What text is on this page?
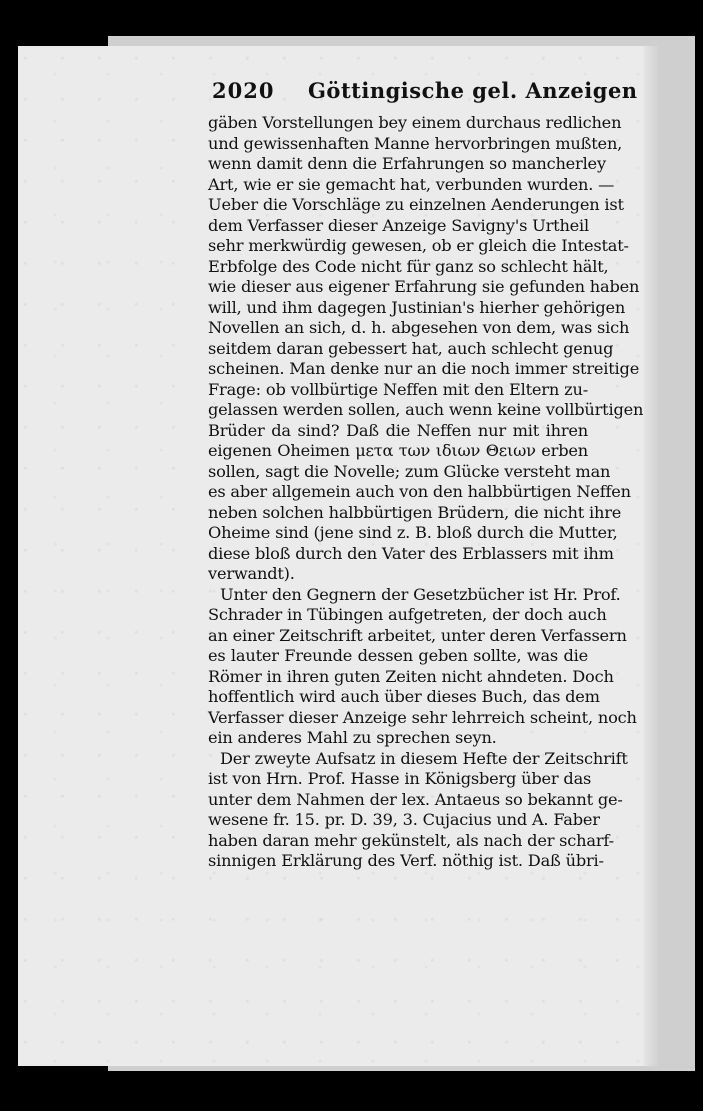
2020 Göttingische gel. Anzeigen
gäben Vorstellungen bey einem durchaus redlichen
und gewissenhaften Manne hervorbringen mußten,
wenn damit denn die Erfahrungen so mancherley
Art, wie er sie gemacht hat, verbunden wurden. —
Ueber die Vorschläge zu einzelnen Aenderungen ist
dem Verfasser dieser Anzeige Savigny's Urtheil
sehr merkwürdig gewesen, ob er gleich die Intestat-
Erbfolge des Code nicht für ganz so schlecht hält,
wie dieser aus eigener Erfahrung sie gefunden haben
will, und ihm dagegen Justinian's hierher gehörigen
Novellen an sich, d. h. abgesehen von dem, was sich
seitdem daran gebessert hat, auch schlecht genug
scheinen. Man denke nur an die noch immer streitige
Frage: ob vollbürtige Neffen mit den Eltern zu-
gelassen werden sollen, auch wenn keine vollbürtigen
Brüder da sind? Daß die Neffen nur mit ihren
eigenen Oheimen μετα των ιδιων Θειων erben
sollen, sagt die Novelle; zum Glücke versteht man
es aber allgemein auch von den halbbürtigen Neffen
neben solchen halbbürtigen Brüdern, die nicht ihre
Oheime sind (jene sind z. B. bloß durch die Mutter,
diese bloß durch den Vater des Erblassers mit ihm
verwandt).
Unter den Gegnern der Gesetzbücher ist Hr. Prof.
Schrader in Tübingen aufgetreten, der doch auch
an einer Zeitschrift arbeitet, unter deren Verfassern
es lauter Freunde dessen geben sollte, was die
Römer in ihren guten Zeiten nicht ahndeten. Doch
hoffentlich wird auch über dieses Buch, das dem
Verfasser dieser Anzeige sehr lehrreich scheint, noch
ein anderes Mahl zu sprechen seyn.
Der zweyte Aufsatz in diesem Hefte der Zeitschrift
ist von Hrn. Prof. Hasse in Königsberg über das
unter dem Nahmen der lex. Antaeus so bekannt ge-
wesene fr. 15. pr. D. 39, 3. Cujacius und A. Faber
haben daran mehr gekünstelt, als nach der scharf-
sinnigen Erklärung des Verf. nöthig ist. Daß übri-
